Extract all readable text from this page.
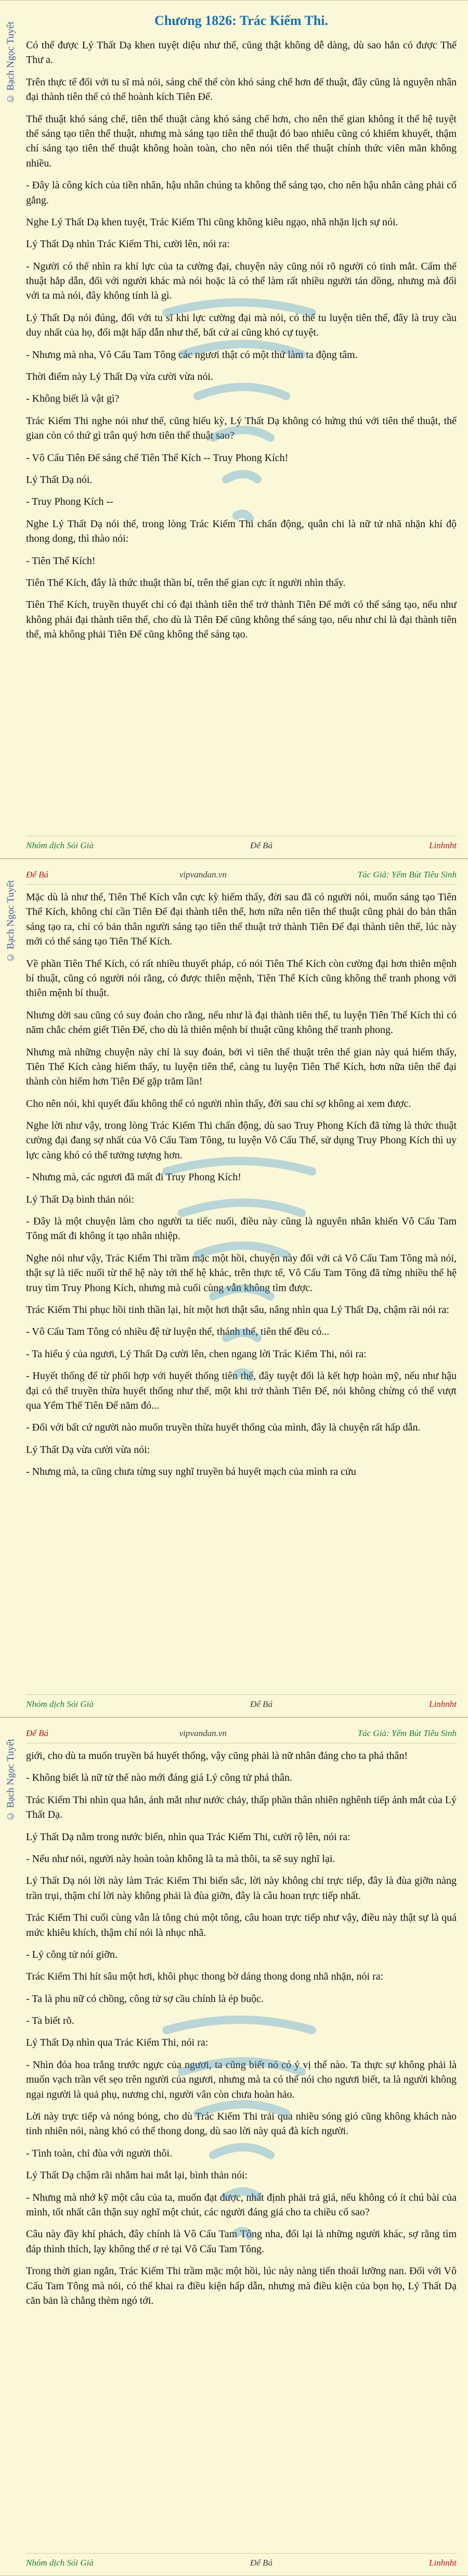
© Bạch Ngọc Tuyết
Chương 1826: Trác Kiếm Thi.

Có thể được Lý Thất Dạ khen tuyệt diệu như thế, cũng thật không dễ dàng, dù sao hắn có được Thế Thư a.

Trên thực tế đối với tu sĩ mà nói, sáng chế thế còn khó sáng chế hơn đế thuật, đây cũng là nguyên nhân đại thành tiên thể có thể hoành kích Tiên Đế.

Thế thuật khó sáng chế, tiên thể thuật càng khó sáng chế hơn, cho nên thế gian không ít thế hệ tuyệt thế sáng tạo tiên thể thuật, nhưng mà sáng tạo tiên thể thuật đó bao nhiêu cũng có khiếm khuyết, thậm chí sáng tạo tiên thể thuật không hoàn toàn, cho nên nói tiên thể thuật chính thức viên mãn không nhiều.

- Đây là công kích của tiền nhân, hậu nhân chúng ta không thể sáng tạo, cho nên hậu nhân càng phải cố gắng.

Nghe Lý Thất Dạ khen tuyệt, Trác Kiếm Thi cũng không kiêu ngạo, nhã nhặn lịch sự nói.

Lý Thất Dạ nhìn Trác Kiếm Thi, cười lên, nói ra:

- Người có thể nhìn ra khí lực của ta cường đại, chuyện này cũng nói rõ người có tinh mắt. Cấm thế thuật hắp dẫn, đối với người khác mà nói hoặc là có thể làm rất nhiều người tán dồng, nhưng mà đối với ta mà nói, đây không tính là gì.

Lý Thất Dạ nói đúng, đối với tu sĩ khi lực cường đại mà nói, có thể tu luyện tiên thể, đây là truy cầu duy nhất của họ, đối mặt hấp dẫn như thế, bất cứ ai cũng khó cự tuyệt.

- Nhưng mà nha, Vô Cấu Tam Tông các ngươi thật có một thứ làm ta động tâm.

Thời điểm này Lý Thất Dạ vừa cười vừa nói.

- Không biết là vật gì?

Trác Kiếm Thi nghe nói như thế, cũng hiếu kỳ, Lý Thất Dạ không có hứng thú với tiên thể thuật, thế gian còn có thứ gì trân quý hơn tiên thể thuật sao?

- Vô Cấu Tiên Đế sáng chế Tiên Thể Kích -- Truy Phong Kích!

Lý Thất Dạ nói.

- Truy Phong Kích --

Nghe Lý Thất Dạ nói thế, trong lòng Trác Kiếm Thi chấn động, quân chi là nữ tử nhã nhặn khí độ thong dong, thì thào nói:

- Tiên Thể Kích!

Tiên Thể Kích, đây là thức thuật thần bí, trên thế gian cực ít người nhìn thấy.

Tiên Thể Kích, truyền thuyết chỉ có đại thành tiên thể trở thành Tiên Đế mới có thể sáng tạo, nếu như không phải đại thành tiên thể, cho dù là Tiên Đế cũng không thể sáng tạo, nếu như chỉ là đại thành tiên thể, mà không phải Tiên Đế cũng không thể sáng tạo.

Nhóm dịch Sói Già	Đế Bá	Linhnht
© Bạch Ngọc Tuyết
Đế Bá	vipvandan.vn	Tác Giả: Yếm Bút Tiêu Sinh

Mặc dù là như thế, Tiên Thể Kích vẫn cực kỳ hiếm thấy, đời sau đã có người nói, muốn sáng tạo Tiên Thể Kích, không chỉ cần Tiên Đế đại thành tiên thể, hơn nữa nên tiên thể thuật cũng phải do bản thân sáng tạo ra, chỉ có bản thân người sáng tạo tiên thể thuật trở thành Tiên Đế đại thành tiên thể, lúc này mới có thể sáng tạo Tiên Thể Kích.

Về phần Tiên Thể Kích, có rất nhiều thuyết pháp, có nói Tiên Thể Kích còn cường đại hơn thiên mệnh bí thuật, cũng có người nói rằng, có được thiên mệnh, Tiên Thể Kích cũng không thể tranh phong với thiên mệnh bí thuật.

Nhưng dời sau cũng có suy đoán cho rằng, nếu như là đại thành tiên thể, tu luyện Tiên Thể Kích thì có năm chắc chém giết Tiên Đế, cho dù là thiên mệnh bí thuật cũng không thể tranh phong.

Nhưng mà những chuyện này chỉ là suy đoán, bởi vì tiên thể thuật trên thế gian này quá hiếm thấy, Tiên Thể Kích càng hiếm thấy, tu luyện tiên thể, càng tu luyện Tiên Thể Kích, hơn nữa tiên thể đại thành còn hiếm hơn Tiên Đế gặp trăm lần!

Cho nên nói, khi quyết đấu không thể có người nhìn thấy, đời sau chỉ sợ không ai xem được.

Nghe lời như vậy, trong lòng Trác Kiếm Thi chấn động, dù sao Truy Phong Kích đã từng là thức thuật cường đại đang sợ nhất của Vô Cấu Tam Tông, tu luyện Vô Cấu Thể, sử dụng Truy Phong Kích thì uy lực càng khó có thể tưởng tượng hơn.

- Nhưng mà, các ngươi đã mất đi Truy Phong Kích!

Lý Thất Dạ bình thản nói:

- Đây là một chuyện làm cho người ta tiếc nuối, điều này cũng là nguyên nhân khiến Vô Cấu Tam Tông mất đi không ít tạo nhân nhiệp.

Nghe nói như vậy, Trác Kiếm Thi trầm mặc một hồi, chuyện này đối với cả Vô Cấu Tam Tông mà nói, thật sự là tiếc nuối từ thế hệ này tới thế hệ khác, trên thực tế, Vô Cấu Tam Tông đã từng nhiều thế hệ truy tìm Truy Phong Kích, nhưng mà cuối cùng vẫn không tìm được.

Trác Kiếm Thi phục hồi tinh thần lại, hít một hơi thật sâu, nâng nhìn qua Lý Thất Dạ, chậm rãi nói ra:

- Vô Cấu Tam Tông có nhiều đệ tử luyện thể, thánh thể, tiên thể đều có...

- Ta hiểu ý của ngươi, Lý Thất Dạ cười lên, chen ngang lời Trác Kiếm Thi, nói ra:

- Huyết thống để từ phổi hợp với huyết thống tiên thể, đây tuyệt đối là kết hợp hoàn mỹ, nếu như hậu đại có thể truyền thừa huyết thống như thế, một khi trở thành Tiên Đế, nói không chừng có thể vượt qua Yểm Thế Tiên Đế năm đó...

- Đối với bất cứ người nào muốn truyền thừa huyết thống của mình, đây là chuyện rất hấp dẫn.

Lý Thất Dạ vừa cười vừa nói:

- Nhưng mà, ta cũng chưa từng suy nghĩ truyền bá huyết mạch của mình ra cửu

Nhóm dịch Sói Già	Đế Bá	Linhnht
© Bạch Ngọc Tuyết
Đế Bá	vipvandan.vn	Tác Giả: Yếm Bút Tiêu Sinh

giới, cho dù ta muốn truyền bá huyết thống, vậy cũng phải là nữ nhân đáng cho ta phá thân!

- Không biết là nữ tử thế nào mới đáng giá Lý công tử phá thân.

Trác Kiếm Thi nhìn qua hắn, ánh mắt như nước chảy, thấp phần thân nhiên nghênh tiếp ánh mắt của Lý Thất Dạ.

Lý Thất Dạ nằm trong nước biển, nhìn qua Trác Kiếm Thi, cười rộ lên, nói ra:

- Nếu như nói, người này hoàn toàn không là ta mà thôi, ta sẽ suy nghĩ lại.

Lý Thất Dạ nói lời này làm Trác Kiếm Thi biến sắc, lời này không chỉ trực tiếp, đây là đùa giỡn nàng trần trụi, thậm chí lời này không phải là đùa giỡn, đây là câu hoan trực tiếp nhất.

Trác Kiếm Thi cuối cùng vẫn là tông chủ một tông, câu hoan trực tiếp như vậy, điều này thật sự là quá mức khiêu khích, thậm chí nói là nhục nhã.

- Lý công tử nói giỡn.

Trác Kiếm Thi hít sâu một hơi, khôi phục thong bờ dáng thong dong nhã nhặn, nói ra:

- Ta là phu nữ có chồng, công tử sợ cầu chính là ép buộc.

- Ta biết rõ.

Lý Thất Dạ nhìn qua Trác Kiếm Thi, nói ra:

- Nhìn đóa hoa trắng trước ngực của ngươi, ta cũng biết nó có ý vị thế nào. Ta thực sự không phải là muốn vạch trần vết sẹo trên người của ngươi, nhưng mà ta có thể nói cho ngươi biết, ta là người không ngại người là quả phụ, nương chi, người vân còn chưa hoàn hảo.

Lời này trực tiếp và nóng bỏng, cho dù Trác Kiếm Thi trải qua nhiều sóng gió cũng không khách nào tỉnh nhiên nói, nàng khó có thể thong dong, dù sao lời này quá đà kích người.

- Tình toàn, chỉ đùa với người thôi.

Lý Thất Dạ chậm rãi nhắm hai mắt lại, bình thản nói:

- Nhưng mà nhớ kỹ một câu của ta, muốn đạt được, nhất định phải trả giá, nếu không có ít chú bài của mình, tốt nhất cân thận suy nghĩ một chút, các người đáng giá cho ta chiều cố sao?

Câu này đầy khí phách, đây chính là Vô Cấu Tam Tông nha, đối lại là những người khác, sợ rằng tìm đáp thình thích, lạy không thể ơ rẻ tại Vô Cấu Tam Tông.

Trong thời gian ngắn, Trác Kiếm Thi trầm mặc một hồi, lúc này nàng tiến thoái lưỡng nan. Đối với Vô Cấu Tam Tông mà nói, có thể khai ra điều kiện hấp dẫn, nhưng mà điều kiện của bọn họ, Lý Thất Dạ căn bản là chẳng thèm ngó tới.

Nhóm dịch Sói Già	Đế Bá	Linhnht
